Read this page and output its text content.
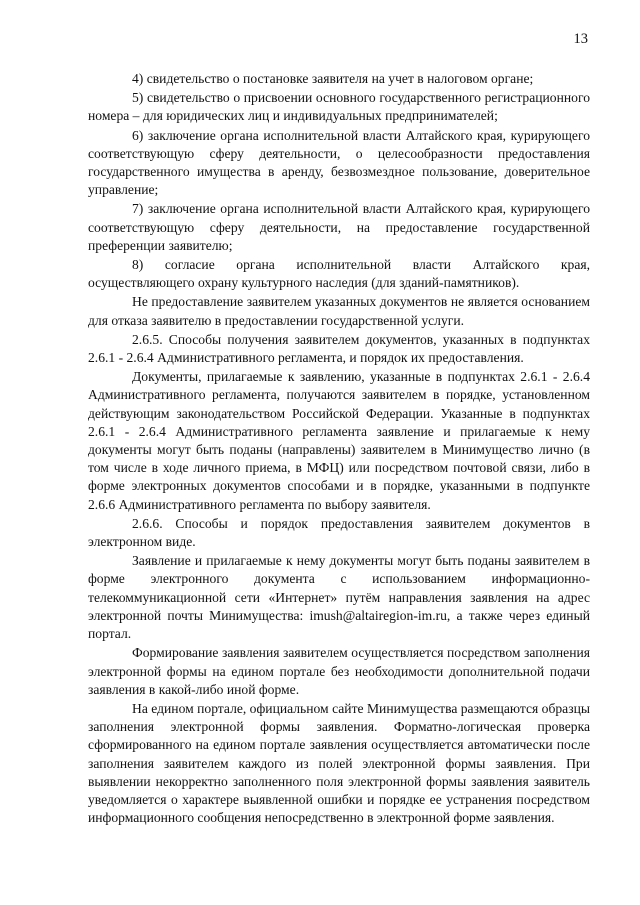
13

4) свидетельство о постановке заявителя на учет в налоговом органе;

5) свидетельство о присвоении основного государственного регистрационного номера – для юридических лиц и индивидуальных предпринимателей;

6) заключение органа исполнительной власти Алтайского края, курирующего соответствующую сферу деятельности, о целесообразности предоставления государственного имущества в аренду, безвозмездное пользование, доверительное управление;

7) заключение органа исполнительной власти Алтайского края, курирующего соответствующую сферу деятельности, на предоставление государственной преференции заявителю;

8) согласие органа исполнительной власти Алтайского края, осуществляющего охрану культурного наследия (для зданий-памятников).

Не предоставление заявителем указанных документов не является основанием для отказа заявителю в предоставлении государственной услуги.

2.6.5. Способы получения заявителем документов, указанных в подпунктах 2.6.1 - 2.6.4 Административного регламента, и порядок их предоставления.

Документы, прилагаемые к заявлению, указанные в подпунктах 2.6.1 - 2.6.4 Административного регламента, получаются заявителем в порядке, установленном действующим законодательством Российской Федерации. Указанные в подпунктах 2.6.1 - 2.6.4 Административного регламента заявление и прилагаемые к нему документы могут быть поданы (направлены) заявителем в Минимущество лично (в том числе в ходе личного приема, в МФЦ) или посредством почтовой связи, либо в форме электронных документов способами и в порядке, указанными в подпункте 2.6.6 Административного регламента по выбору заявителя.

2.6.6. Способы и порядок предоставления заявителем документов в электронном виде.

Заявление и прилагаемые к нему документы могут быть поданы заявителем в форме электронного документа с использованием информационно-телекоммуникационной сети «Интернет» путём направления заявления на адрес электронной почты Минимущества: imush@altairegion-im.ru, а также через единый портал.

Формирование заявления заявителем осуществляется посредством заполнения электронной формы на едином портале без необходимости дополнительной подачи заявления в какой-либо иной форме.

На едином портале, официальном сайте Минимущества размещаются образцы заполнения электронной формы заявления. Форматно-логическая проверка сформированного на едином портале заявления осуществляется автоматически после заполнения заявителем каждого из полей электронной формы заявления. При выявлении некорректно заполненного поля электронной формы заявления заявитель уведомляется о характере выявленной ошибки и порядке ее устранения посредством информационного сообщения непосредственно в электронной форме заявления.
